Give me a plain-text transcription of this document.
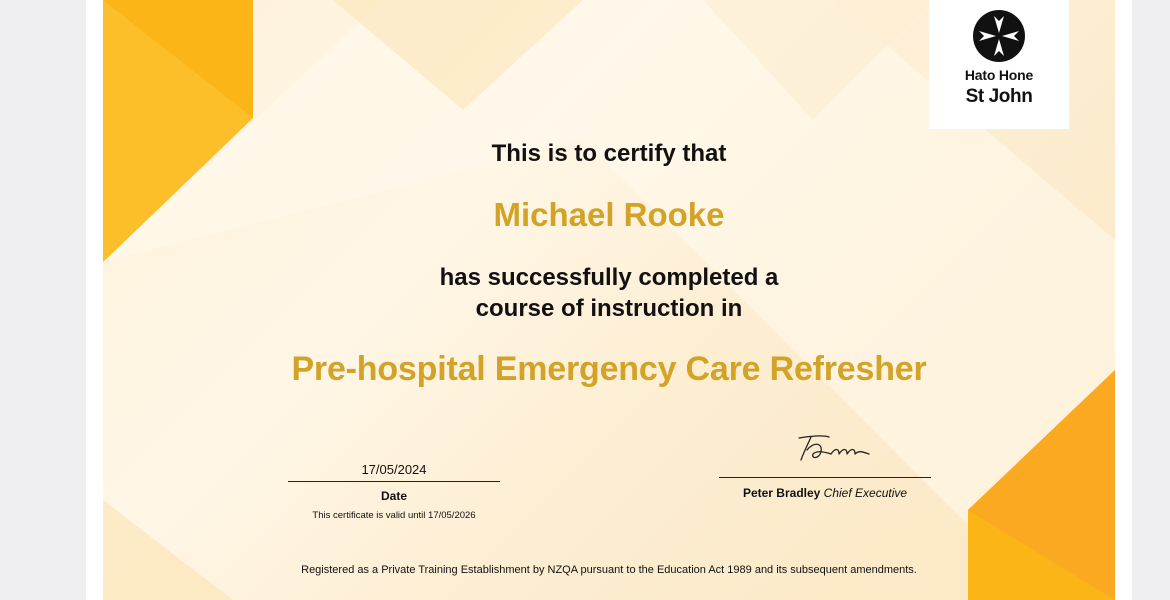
Hato Hone
St John
This is to certify that
Michael Rooke
has successfully completed a
course of instruction in
Pre-hospital Emergency Care Refresher
17/05/2024
Date
This certificate is valid until 17/05/2026
Peter Bradley Chief Executive
Registered as a Private Training Establishment by NZQA pursuant to the Education Act 1989 and its subsequent amendments.
